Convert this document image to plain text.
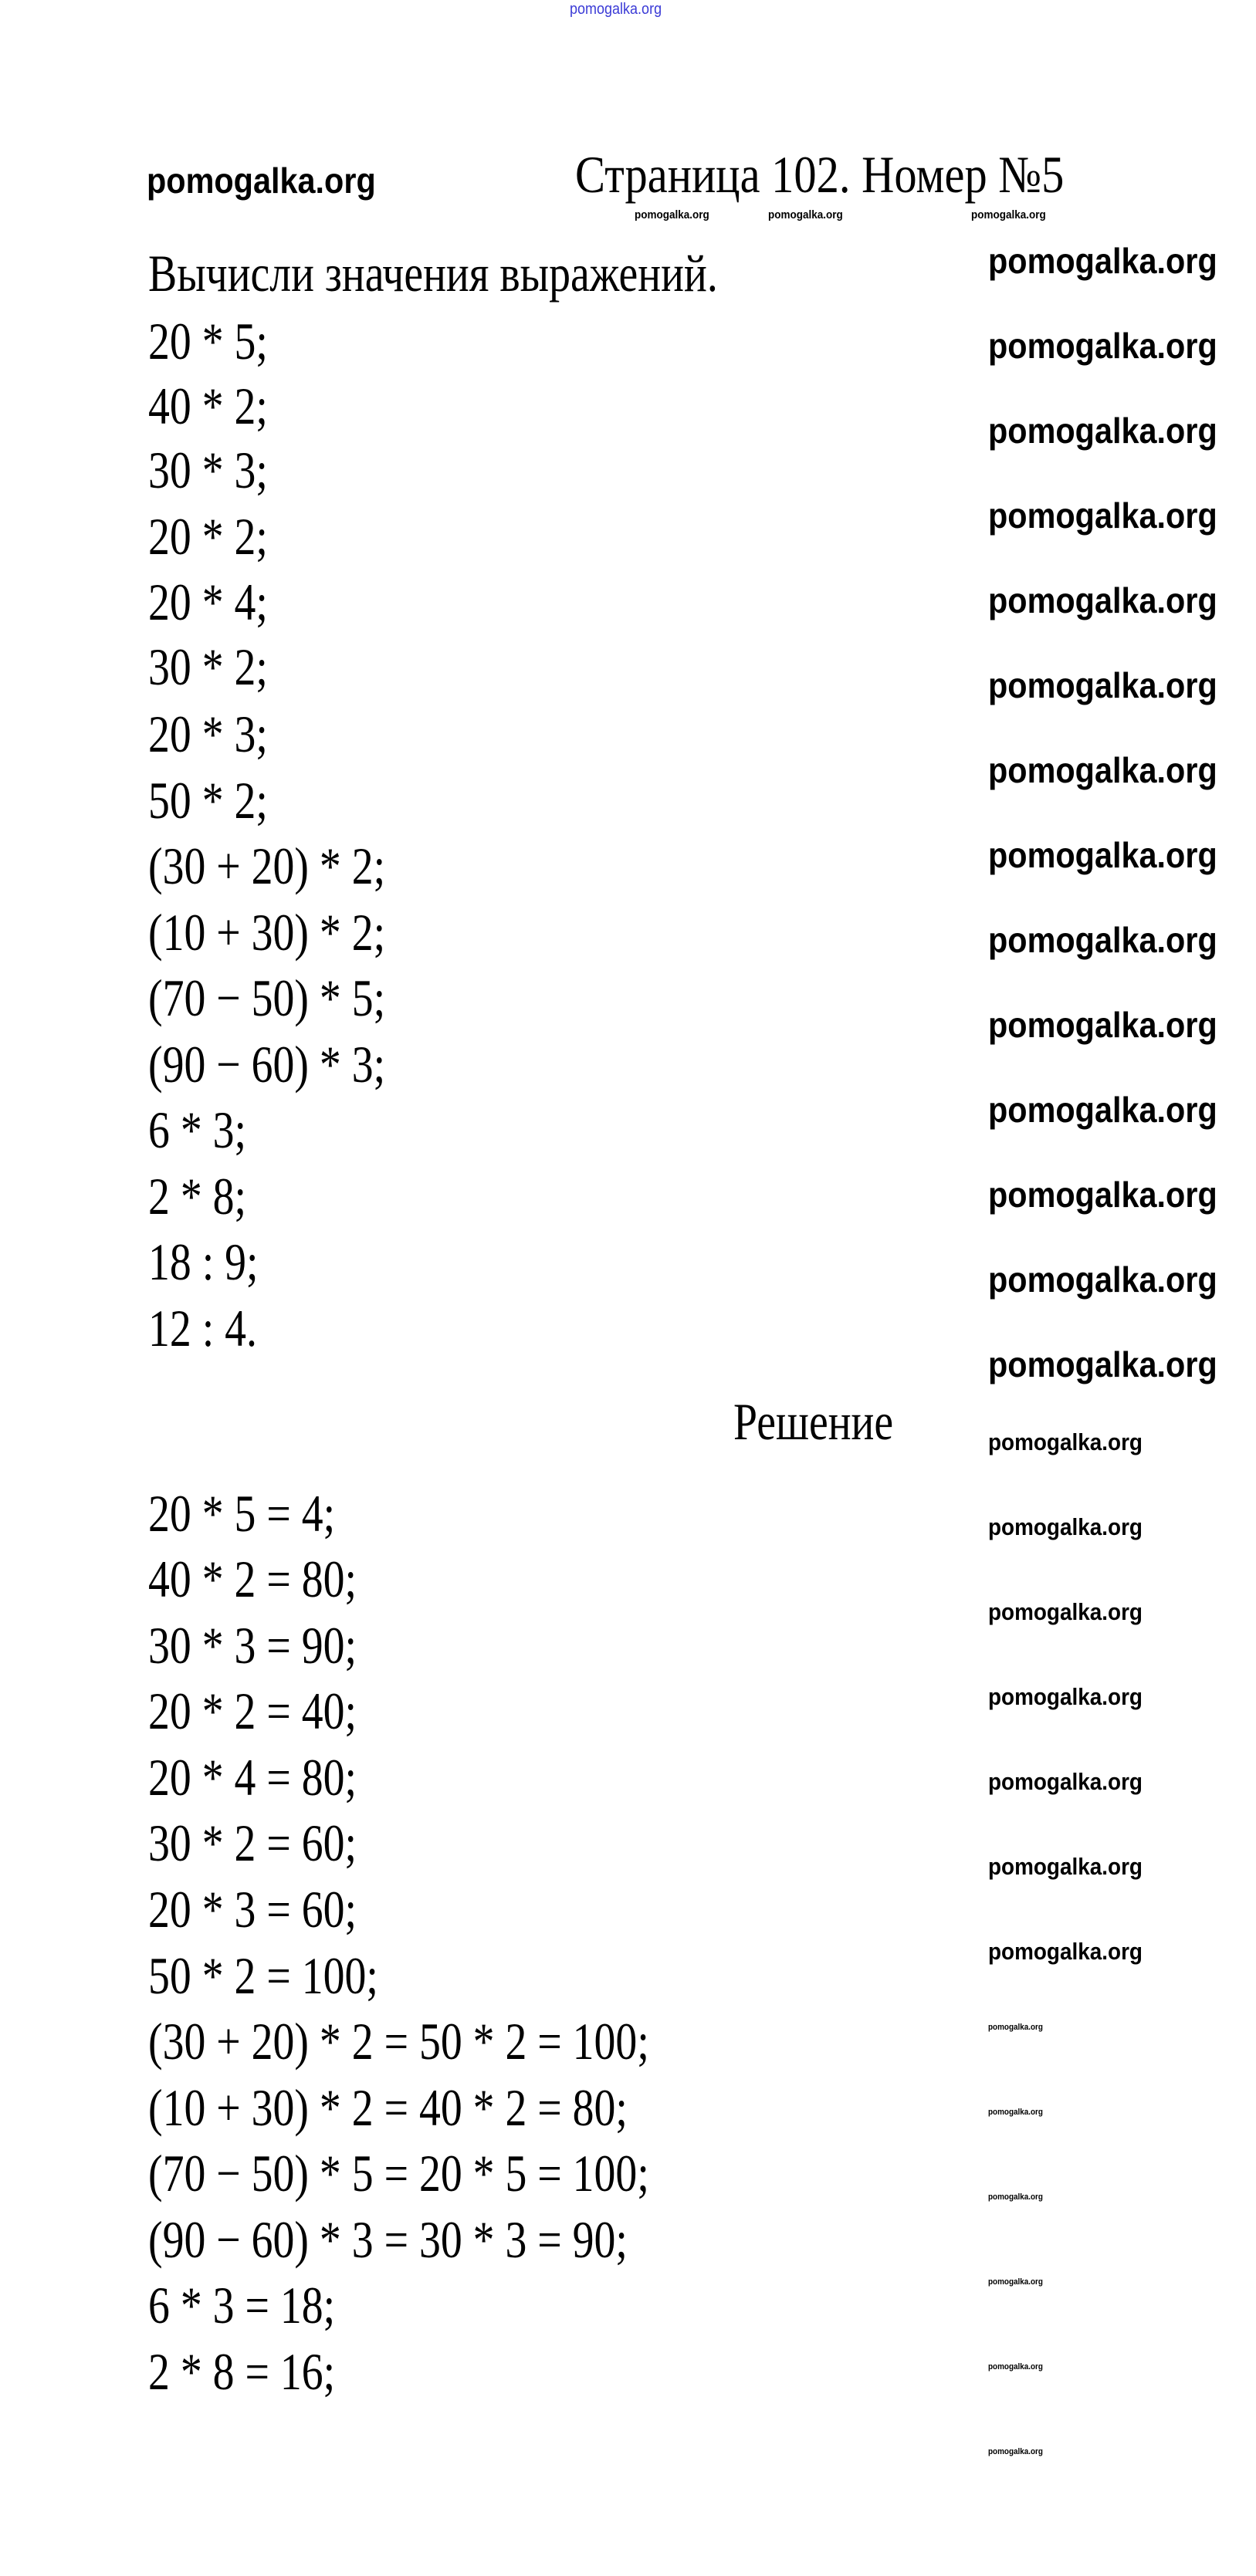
pomogalka.org
pomogalka.org	Страница 102. Номер №5
pomogalka.org	pomogalka.org	pomogalka.org
Вычисли значения выражений.
20 * 5;
40 * 2;
30 * 3;
20 * 2;
20 * 4;
30 * 2;
20 * 3;
50 * 2;
(30 + 20) * 2;
(10 + 30) * 2;
(70 − 50) * 5;
(90 − 60) * 3;
6 * 3;
2 * 8;
18 : 9;
12 : 4.
Решение
20 * 5 = 4;
40 * 2 = 80;
30 * 3 = 90;
20 * 2 = 40;
20 * 4 = 80;
30 * 2 = 60;
20 * 3 = 60;
50 * 2 = 100;
(30 + 20) * 2 = 50 * 2 = 100;
(10 + 30) * 2 = 40 * 2 = 80;
(70 − 50) * 5 = 20 * 5 = 100;
(90 − 60) * 3 = 30 * 3 = 90;
6 * 3 = 18;
2 * 8 = 16;
pomogalka.org
pomogalka.org
pomogalka.org
pomogalka.org
pomogalka.org
pomogalka.org
pomogalka.org
pomogalka.org
pomogalka.org
pomogalka.org
pomogalka.org
pomogalka.org
pomogalka.org
pomogalka.org
pomogalka.org
pomogalka.org
pomogalka.org
pomogalka.org
pomogalka.org
pomogalka.org
pomogalka.org
pomogalka.org
pomogalka.org
pomogalka.org
pomogalka.org
pomogalka.org
pomogalka.org
